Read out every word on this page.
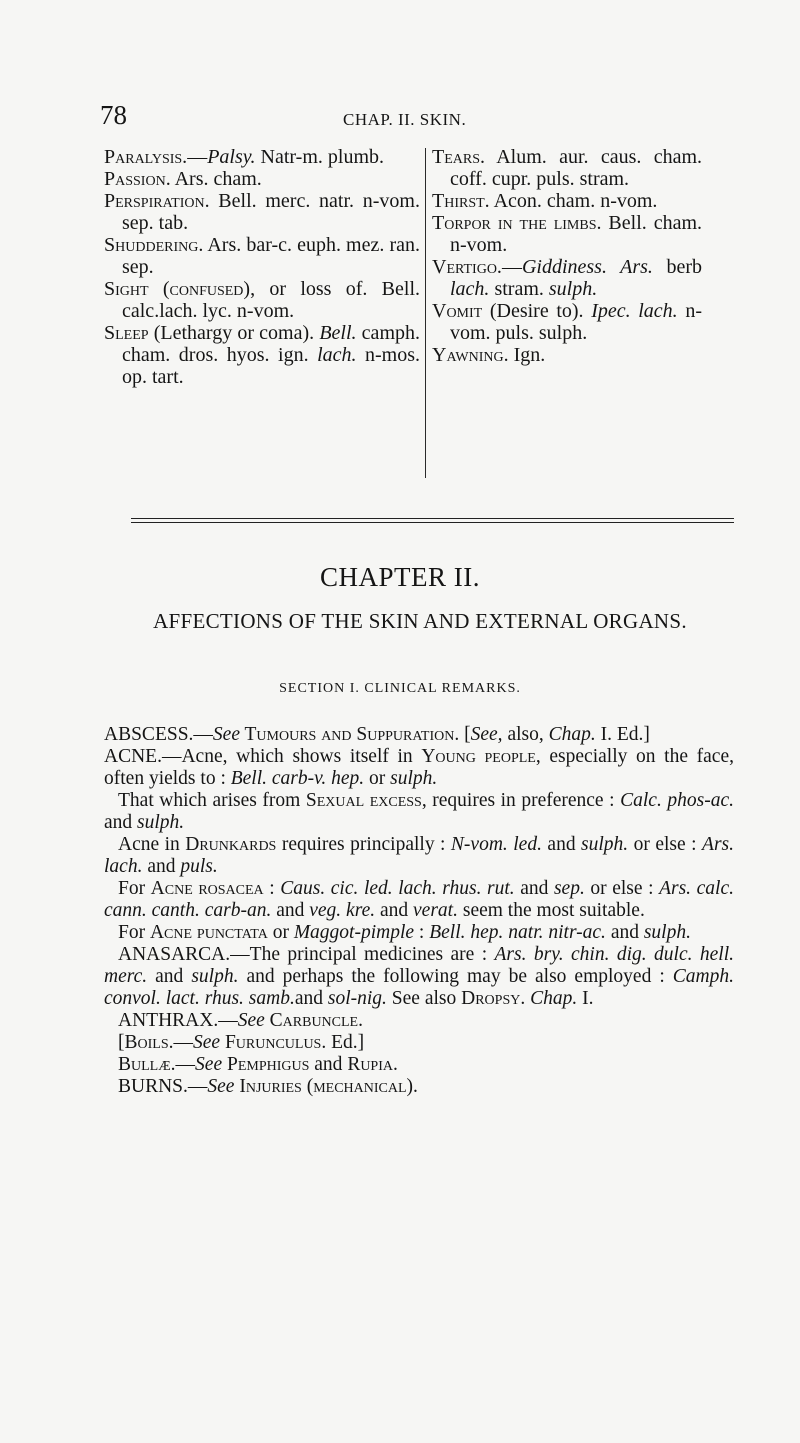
78	CHAP. II. SKIN.
Paralysis.—Palsy. Natr-m. plumb.
Passion. Ars. cham.
Perspiration. Bell. merc. natr. n-vom. sep. tab.
Shuddering. Ars. bar-c. euph. mez. ran. sep.
Sight (confused), or loss of. Bell. calc.lach. lyc. n-vom.
Sleep (Lethargy or coma). Bell. camph. cham. dros. hyos. ign. lach. n-mos. op. tart.
Tears. Alum. aur. caus. cham. coff. cupr. puls. stram.
Thirst. Acon. cham. n-vom.
Torpor in the limbs. Bell. cham. n-vom.
Vertigo.—Giddiness. Ars. berb lach. stram. sulph.
Vomit (Desire to). Ipec. lach. n-vom. puls. sulph.
Yawning. Ign.
CHAPTER II.
AFFECTIONS OF THE SKIN AND EXTERNAL ORGANS.
SECTION I. CLINICAL REMARKS.

ABSCESS.—See Tumours and Suppuration. [See, also, Chap. I. Ed.]

ACNE.—Acne, which shows itself in Young people, especially on the face, often yields to : Bell. carb-v. hep. or sulph.

That which arises from Sexual excess, requires in preference : Calc. phos-ac. and sulph.

Acne in Drunkards requires principally : N-vom. led. and sulph. or else : Ars. lach. and puls.

For Acne rosacea : Caus. cic. led. lach. rhus. rut. and sep. or else : Ars. calc. cann. canth. carb-an. and veg. kre. and verat. seem the most suitable.

For Acne punctata or Maggot-pimple : Bell. hep. natr. nitr-ac. and sulph.

ANASARCA.—The principal medicines are : Ars. bry. chin. dig. dulc. hell. merc. and sulph. and perhaps the following may be also employed : Camph. convol. lact. rhus. samb.and sol-nig. See also Dropsy. Chap. I.

ANTHRAX.—See Carbuncle.

[Boils.—See Furunculus. Ed.]

Bullæ.—See Pemphigus and Rupia.

BURNS.—See Injuries (mechanical).
